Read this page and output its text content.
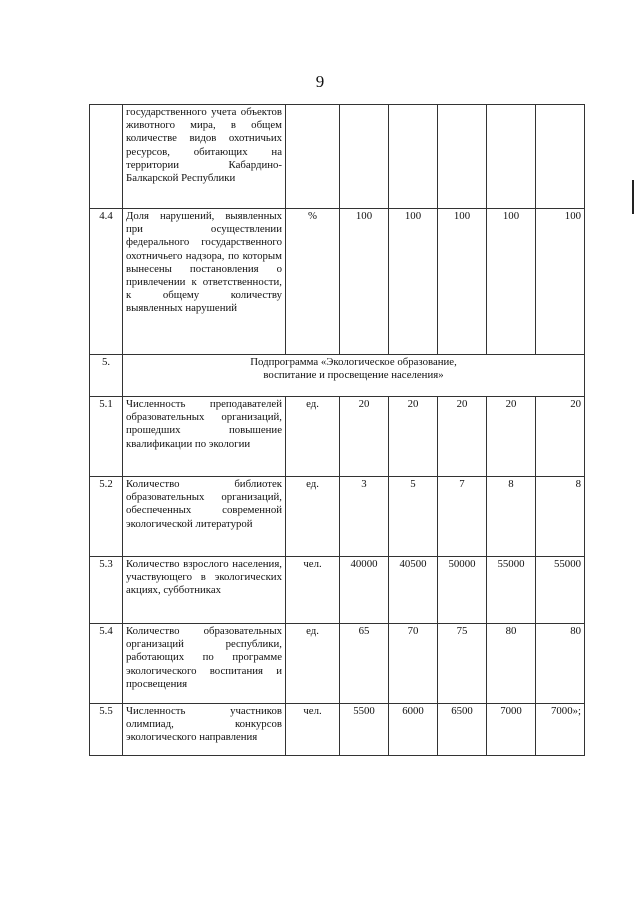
9
	государственного учета объектов животного мира, в общем количестве видов охотничьих ресурсов, обитающих на территории Кабардино-Балкарской Республики						
4.4	Доля нарушений, выявленных при осуществлении федерального государственного охотничьего надзора, по которым вынесены постановления о привлечении к ответственности, к общему количеству выявленных нарушений	%	100	100	100	100	100
5.	Подпрограмма «Экологическое образование,
воспитание и просвещение населения»						

5.1	Численность преподавателей образовательных организаций, прошедших повышение квалификации по экологии	ед.	20	20	20	20	20
5.2	Количество библиотек образовательных организаций, обеспеченных современной экологической литературой	ед.	3	5	7	8	8
5.3	Количество взрослого населения, участвующего в экологических акциях, субботниках	чел.	40000	40500	50000	55000	55000
5.4	Количество образовательных организаций республики, работающих по программе экологического воспитания и просвещения	ед.	65	70	75	80	80
5.5	Численность участников олимпиад, конкурсов экологического направления	чел.	5500	6000	6500	7000	7000»;
